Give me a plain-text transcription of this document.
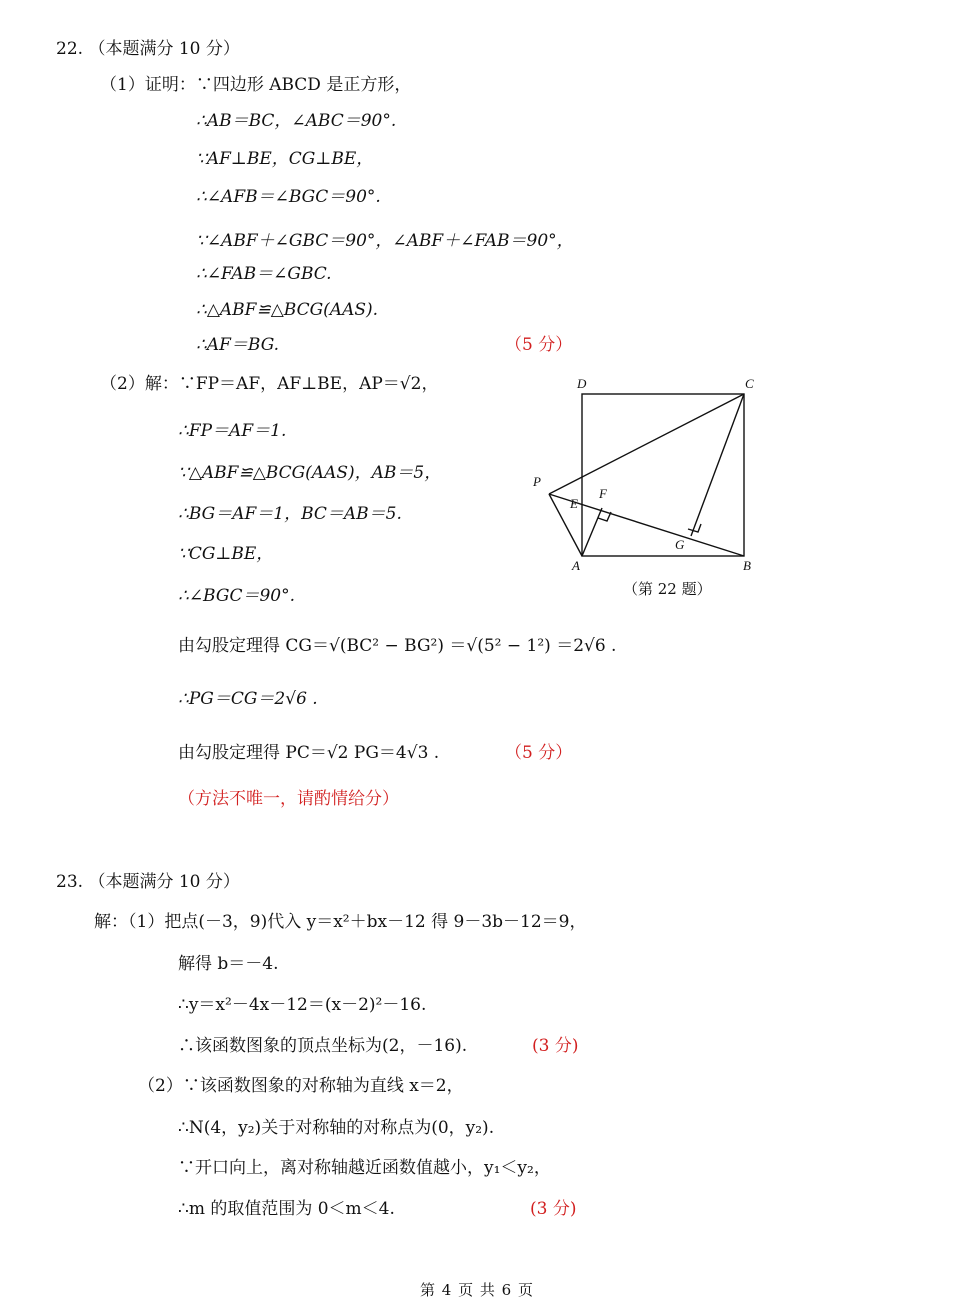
22. （本题满分 10 分）
（1）证明：∵四边形 ABCD 是正方形，
∴AB＝BC，∠ABC＝90°.
∵AF⊥BE，CG⊥BE，
∴∠AFB＝∠BGC＝90°.
∵∠ABF＋∠GBC＝90°，∠ABF＋∠FAB＝90°，
∴∠FAB＝∠GBC.
∴△ABF≌△BCG(AAS).
∴AF＝BG.	（5 分）
（2）解：∵FP＝AF，AF⊥BE，AP＝√2，
∴FP＝AF＝1.
∵△ABF≌△BCG(AAS)，AB＝5，
∴BG＝AF＝1，BC＝AB＝5.
∵CG⊥BE，
∴∠BGC＝90°.
由勾股定理得 CG＝√(BC² − BG²) ＝√(5² − 1²) ＝2√6 .
∴PG＝CG＝2√6 .
由勾股定理得 PC＝√2 PG＝4√3 .	（5 分）
（方法不唯一，请酌情给分）
D	C
P
E
F
G
A	B
（第 22 题）
23. （本题满分 10 分）
解：（1）把点(－3，9)代入 y＝x²＋bx－12 得 9－3b－12＝9，
解得 b＝－4.
∴y＝x²－4x－12＝(x－2)²－16.
∴该函数图象的顶点坐标为(2，－16).	(3 分)
（2）∵该函数图象的对称轴为直线 x＝2，
∴N(4，y₂)关于对称轴的对称点为(0，y₂).
∵开口向上，离对称轴越近函数值越小，y₁＜y₂，
∴m 的取值范围为 0＜m＜4.	(3 分)
第 4 页 共 6 页
